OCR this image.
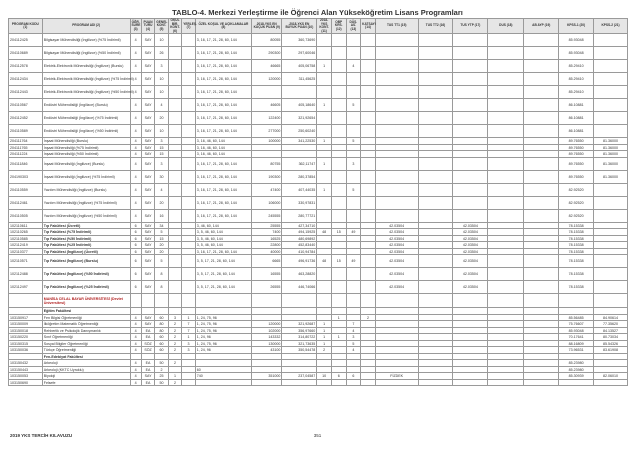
TABLO-4. Merkezi Yerleştirme ile Öğrenci Alan Yükseköğretim Lisans Programları
PROGRAM KODU (1)	PROGRAM ADI (2)	ÖĞR. SÜRE (3)	PUAN TÜRÜ (4)	GENEL KONT. (5)	OKUL BİR. KONT. (6)	YERLEŞ. (7)	ÖZEL KOŞUL VE AÇIKLAMALAR (8)	2018-YKS EN KÜÇÜK PUAN (9)	2018-YKS EN BÜYÜK PUAN (10)	2018-YKS KONT. (11)	OBP KRS. (12)	DÜŞ. AS. (13)	KATSAYI (14)	TUS TT1 (15)	TUS TT2 (16)	TUS YTP (17)	DUS (18)	AB AYP (19)	KPSS-1 (20)	KPSS-2 (21)
204112425	Bilgisayar Mühendisliği (İngilizce) (%75 İndirimli)	4	SAY	10			3, 16, 17, 21, 28, 60, 144	80055	360,73690										85.93048	
204110689	Bilgisayar Mühendisliği (İngilizce) (%50 İndirimli)	4	SAY	26			3, 16, 17, 21, 28, 60, 144	290300	297,60046										85.93048	
204112578	Elektrik-Elektronik Mühendisliği (İngilizce) (Burslu)	4	SAY	3			3, 16, 17, 21, 28, 60, 144	46665	405,06758	1		4							85.29410	
204112434	Elektrik-Elektronik Mühendisliği (İngilizce) (%75 İndirimli)	4	SAY	10			3, 16, 17, 21, 28, 60, 144	120000	311,45625										85.29410	
204112443	Elektrik-Elektronik Mühendisliği (İngilizce) (%50 İndirimli)	4	SAY	10			3, 16, 17, 21, 28, 60, 144												85.29410	
204110567	Endüstri Mühendisliği (İngilizce) (Burslu)	4	SAY	4			3, 16, 17, 21, 28, 60, 144	46605	405,18640	1		5							86.10881	
204112452	Endüstri Mühendisliği (İngilizce) (%75 İndirimli)	4	SAY	20			3, 16, 17, 21, 28, 60, 144	122400	321,92654										86.10881	
204110589	Endüstri Mühendisliği (İngilizce) (%50 İndirimli)	4	SAY	10			3, 16, 17, 21, 28, 60, 144	277000	250,60240										86.10881	
204111764	İnşaat Mühendisliği (Burslu)	4	SAY	3			3, 16, 46, 60, 144	100000	341,22530	1		5							89.76550	81.36000
204111765	İnşaat Mühendisliği (%75 İndirimli)	4	SAY	15			3, 16, 46, 60, 144												89.76550	81.36000
204111224	İnşaat Mühendisliği (%50 İndirimli)	4	SAY	15			3, 16, 46, 60, 144												89.76550	81.36000
204111846	İnşaat Mühendisliği (İngilizce) (Burslu)	4	SAY	3			3, 16, 17, 21, 28, 60, 144	80755	362,11747	1		3							89.76550	81.36000
204190303	İnşaat Mühendisliği (İngilizce) (%75 İndirimli)	4	SAY	30			3, 16, 17, 21, 28, 60, 144	190300	280,37854										89.76550	81.36000
204110559	Yazılım Mühendisliği (İngilizce) (Burslu)	4	SAY	4			3, 16, 17, 21, 28, 60, 144	47400	407,44035	1		5							82.92520	
204112461	Yazılım Mühendisliği (İngilizce) (%75 İndirimli)	4	SAY	20			3, 16, 17, 21, 28, 60, 144	106000	330,97831										82.92520	
204110505	Yazılım Mühendisliği (İngilizce) (%50 İndirimli)	4	SAY	16			3, 16, 17, 21, 28, 60, 144	245555	280,77721										82.92520	
102110611	Tıp Fakültesi (Ücretli)	6	SAY	34			3, 46, 60, 144	25555	427,34710					42.03504		42.03504			78.15338	
102110265	Tıp Fakültesi (%75 İndirimli)	6	SAY	5			3, 5, 46, 60, 144	7400	494,15925	48	15	49		42.03504		42.03504			78.15338	
102110585	Tıp Fakültesi (%50 İndirimli)	6	SAY	15			3, 5, 46, 60, 144	16525	480,69892					42.03504		42.03504			78.15338	
102112419	Tıp Fakültesi (%25 İndirimli)	6	SAY	20			3, 5, 46, 60, 144	22800	452,83440					42.03504		42.03504			78.15338	
102110377	Tıp Fakültesi (İngilizce) (Ücretli)	6	SAY	20			3, 16, 17, 21, 28, 60, 144	40000	410,94784					42.03504		42.03504			78.15338	
102110571	Tıp Fakültesi (İngilizce) (Burslu)	6	SAY	5			3, 5, 17, 21, 28, 60, 144	6665	496,91736	48	15	49		42.03504		42.03504			78.15338	
102112488	Tıp Fakültesi (İngilizce) (%50 İndirimli)	6	SAY	8			3, 5, 17, 21, 28, 60, 144	16555	463,28820					42.03504		42.03504			78.15338	
102112497	Tıp Fakültesi (İngilizce) (%25 İndirimli)	6	SAY	8			3, 5, 17, 21, 28, 60, 144	26555	446,74066					42.03504		42.03504			78.15338	
	MANİSA CELAL BAYAR ÜNİVERSİTESİ (Devlet Üniversitesi)																			
	Eğitim Fakültesi																			
103150917	Fen Bilgisi Öğretmenliği	4	SAY	60	3	1	1, 24, 75, 96				1		2						85.56485	84.90614
103150009	İlköğretim Matematik Öğretmenliği	4	SAY	80	2	7	1, 24, 75, 96	120000	321,92687	1		7							75.76607	77.35620
103150018	Rehberlik ve Psikolojik Danışmanlık	4	EA	80	2	7	1, 24, 75, 96	102000	356,97660	1		4							85.93048	84.13527
103150220	Sınıf Öğretmenliği	4	EA	60	2	1	1, 24, 96	143332	314,80722	1	1	3							70.17641	80.73034
103150315	Sosyal Bilgiler Öğretmenliği	4	SÖZ	60	2	3	1, 24, 75, 96	130000	321,73635	1		5							88.16809	85.54326
103150036	Türkçe Öğretmenliği	4	SÖZ	60	2	3	1, 24, 96	43100	350,54478	2		4							73.96531	83.61908
	Fen-Edebiyat Fakültesi																			
103150432	Arkeoloji	4	EA	50	2														85.23980	
103150443	Arkeoloji (KKTC Uyruklu)	4	EA	2			60												85.23980	
103150053	Biyoloji	4	SAY	25	1		740	351000	237,04587	10	6	6		FİZDEK					85.30939	82.06010
103150690	Felsefe	4	EA	50	2															
2019 YKS TERCİH KILAVUZU	351
